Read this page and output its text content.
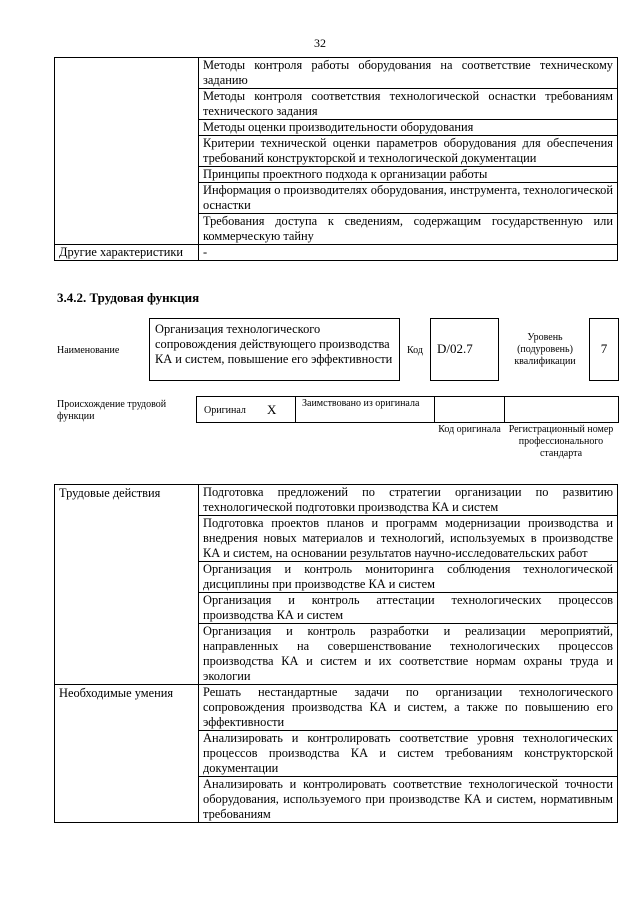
32

	Методы контроля работы оборудования на соответствие техническому заданию

	Методы контроля соответствия технологической оснастки требованиям технического задания

	Методы оценки производительности оборудования

	Критерии технической оценки параметров оборудования для обеспечения требований конструкторской и технологической документации

	Принципы проектного подхода к организации работы

	Информация о производителях оборудования, инструмента, технологической оснастки

	Требования доступа к сведениям, содержащим государственную или коммерческую тайну

Другие характеристики	-
3.4.2. Трудовая функция
Наименование
Организация технологического сопровождения действующего производства КА и систем, повышение его эффективности
Код	D/02.7
Уровень (подуровень) квалификации
7
Происхождение трудовой функции
Оригинал X	Заимствовано из оригинала
Код оригинала Регистрационный номер профессионального стандарта
Трудовые действия	Подготовка предложений по стратегии организации по развитию технологической подготовки производства КА и систем

	Подготовка проектов планов и программ модернизации производства и внедрения новых материалов и технологий, используемых в производстве КА и систем, на основании результатов научно-исследовательских работ

	Организация и контроль мониторинга соблюдения технологической дисциплины при производстве КА и систем

	Организация и контроль аттестации технологических процессов производства КА и систем

	Организация и контроль разработки и реализации мероприятий, направленных на совершенствование технологических процессов производства КА и систем и их соответствие нормам охраны труда и экологии

Необходимые умения	Решать нестандартные задачи по организации технологического сопровождения производства КА и систем, а также по повышению его эффективности

	Анализировать и контролировать соответствие уровня технологических процессов производства КА и систем требованиям конструкторской документации

	Анализировать и контролировать соответствие технологической точности оборудования, используемого при производстве КА и систем, нормативным требованиям
